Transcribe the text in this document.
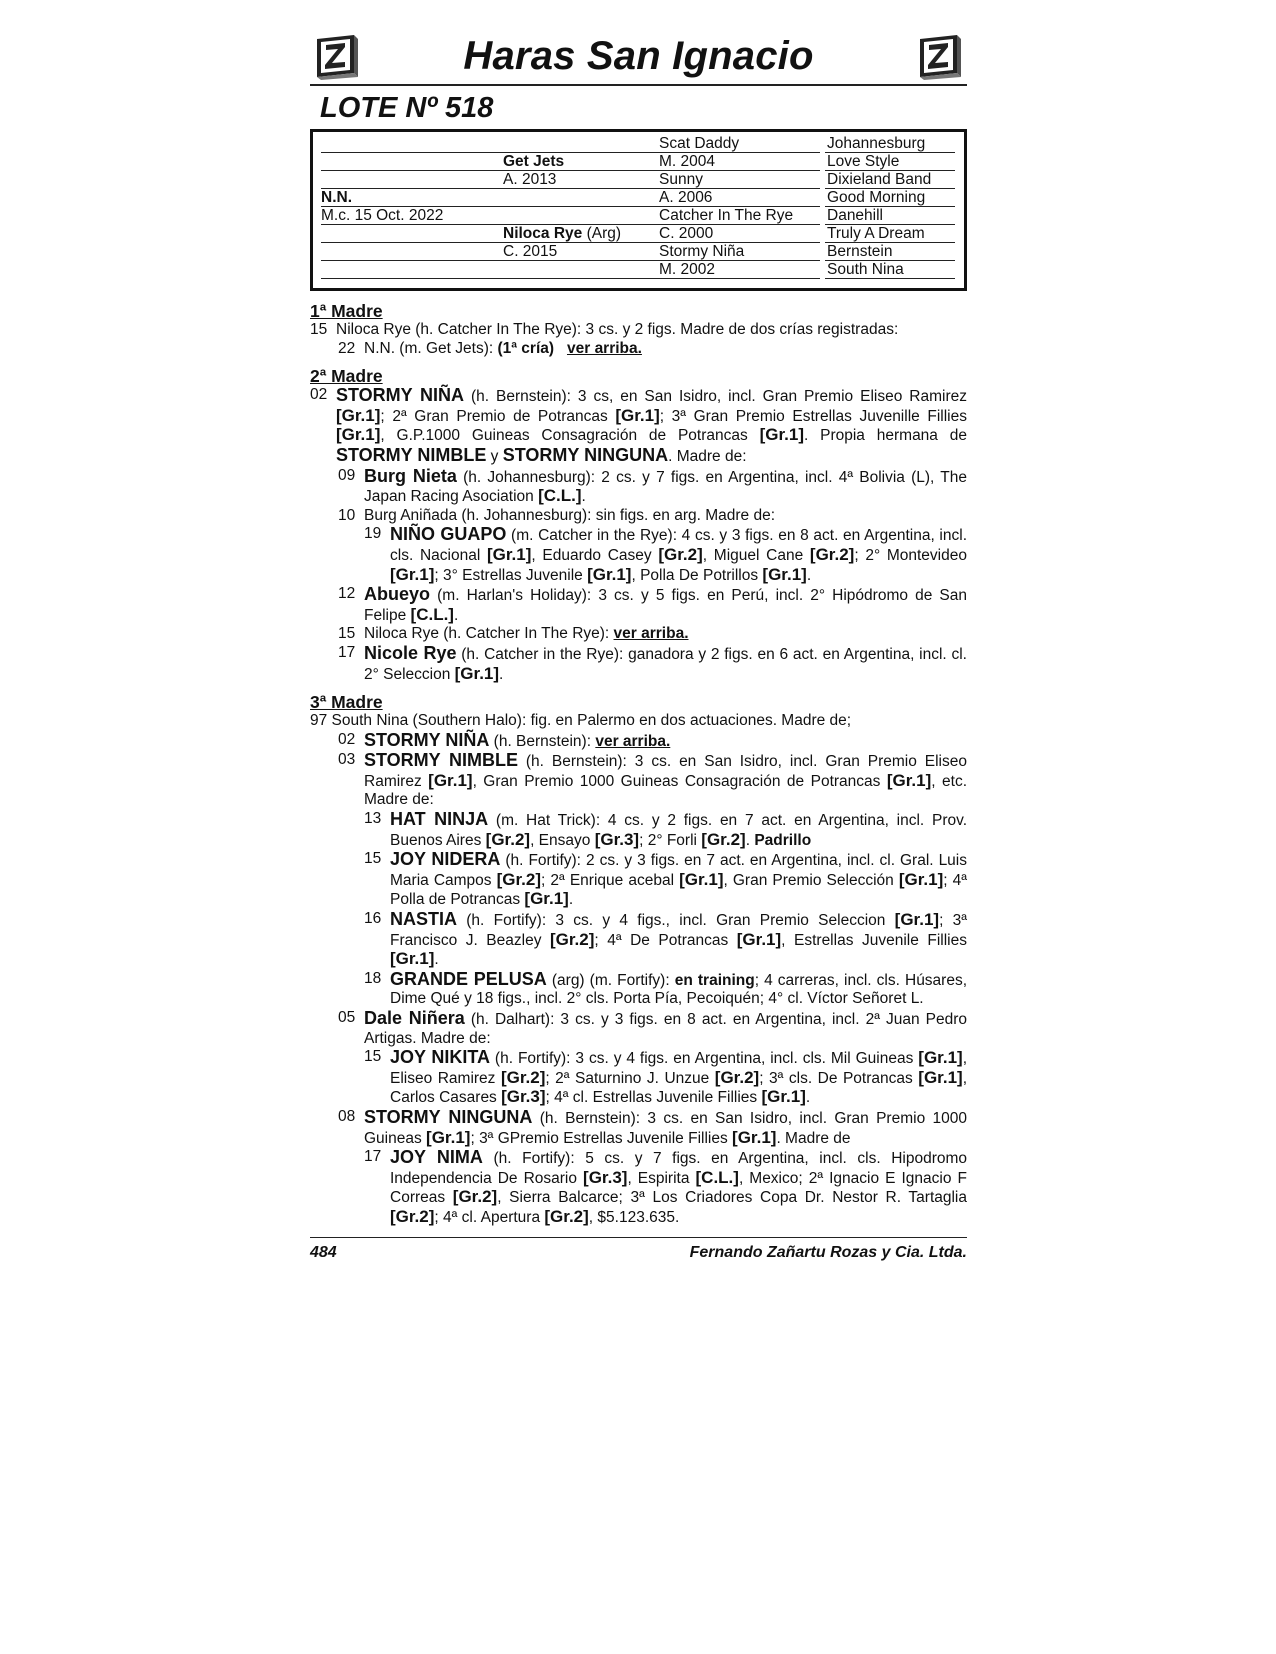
Haras San Ignacio
LOTE Nº 518
N.N.
M.c. 15 Oct. 2022
Get Jets
A. 2013
Niloca Rye (Arg)
C. 2015
Scat Daddy
M. 2004
Sunny
A. 2006
Catcher In The Rye
C. 2000
Stormy Niña
M. 2002
Johannesburg
Love Style
Dixieland Band
Good Morning
Danehill
Truly A Dream
Bernstein
South Nina
1ª Madre
15 Niloca Rye (h. Catcher In The Rye): 3 cs. y 2 figs. Madre de dos crías registradas:
22 N.N. (m. Get Jets): (1ª cría) ver arriba.
2ª Madre
02 STORMY NIÑA (h. Bernstein): 3 cs, en San Isidro, incl. Gran Premio Eliseo Ramirez [Gr.1]; 2ª Gran Premio de Potrancas [Gr.1]; 3ª Gran Premio Estrellas Juvenille Fillies [Gr.1], G.P.1000 Guineas Consagración de Potrancas [Gr.1]. Propia hermana de STORMY NIMBLE y STORMY NINGUNA. Madre de:
09 Burg Nieta (h. Johannesburg): 2 cs. y 7 figs. en Argentina, incl. 4ª Bolivia (L), The Japan Racing Asociation [C.L.].
10 Burg Aniñada (h. Johannesburg): sin figs. en arg. Madre de:
19 NIÑO GUAPO (m. Catcher in the Rye): 4 cs. y 3 figs. en 8 act. en Argentina, incl. cls. Nacional [Gr.1], Eduardo Casey [Gr.2], Miguel Cane [Gr.2]; 2° Montevideo [Gr.1]; 3° Estrellas Juvenile [Gr.1], Polla De Potrillos [Gr.1].
12 Abueyo (m. Harlan's Holiday): 3 cs. y 5 figs. en Perú, incl. 2° Hipódromo de San Felipe [C.L.].
15 Niloca Rye (h. Catcher In The Rye): ver arriba.
17 Nicole Rye (h. Catcher in the Rye): ganadora y 2 figs. en 6 act. en Argentina, incl. cl. 2° Seleccion [Gr.1].
3ª Madre
97 South Nina (Southern Halo): fig. en Palermo en dos actuaciones. Madre de;
02 STORMY NIÑA (h. Bernstein): ver arriba.
03 STORMY NIMBLE (h. Bernstein): 3 cs. en San Isidro, incl. Gran Premio Eliseo Ramirez [Gr.1], Gran Premio 1000 Guineas Consagración de Potrancas [Gr.1], etc. Madre de:
13 HAT NINJA (m. Hat Trick): 4 cs. y 2 figs. en 7 act. en Argentina, incl. Prov. Buenos Aires [Gr.2], Ensayo [Gr.3]; 2° Forli [Gr.2]. Padrillo
15 JOY NIDERA (h. Fortify): 2 cs. y 3 figs. en 7 act. en Argentina, incl. cl. Gral. Luis Maria Campos [Gr.2]; 2ª Enrique acebal [Gr.1], Gran Premio Selección [Gr.1]; 4ª Polla de Potrancas [Gr.1].
16 NASTIA (h. Fortify): 3 cs. y 4 figs., incl. Gran Premio Seleccion [Gr.1]; 3ª Francisco J. Beazley [Gr.2]; 4ª De Potrancas [Gr.1], Estrellas Juvenile Fillies [Gr.1].
18 GRANDE PELUSA (arg) (m. Fortify): en training; 4 carreras, incl. cls. Húsares, Dime Qué y 18 figs., incl. 2° cls. Porta Pía, Pecoiquén; 4° cl. Víctor Señoret L.
05 Dale Niñera (h. Dalhart): 3 cs. y 3 figs. en 8 act. en Argentina, incl. 2ª Juan Pedro Artigas. Madre de:
15 JOY NIKITA (h. Fortify): 3 cs. y 4 figs. en Argentina, incl. cls. Mil Guineas [Gr.1], Eliseo Ramirez [Gr.2]; 2ª Saturnino J. Unzue [Gr.2]; 3ª cls. De Potrancas [Gr.1], Carlos Casares [Gr.3]; 4ª cl. Estrellas Juvenile Fillies [Gr.1].
08 STORMY NINGUNA (h. Bernstein): 3 cs. en San Isidro, incl. Gran Premio 1000 Guineas [Gr.1]; 3ª GPremio Estrellas Juvenile Fillies [Gr.1]. Madre de
17 JOY NIMA (h. Fortify): 5 cs. y 7 figs. en Argentina, incl. cls. Hipodromo Independencia De Rosario [Gr.3], Espirita [C.L.], Mexico; 2ª Ignacio E Ignacio F Correas [Gr.2], Sierra Balcarce; 3ª Los Criadores Copa Dr. Nestor R. Tartaglia [Gr.2]; 4ª cl. Apertura [Gr.2], $5.123.635.
484	Fernando Zañartu Rozas y Cia. Ltda.
